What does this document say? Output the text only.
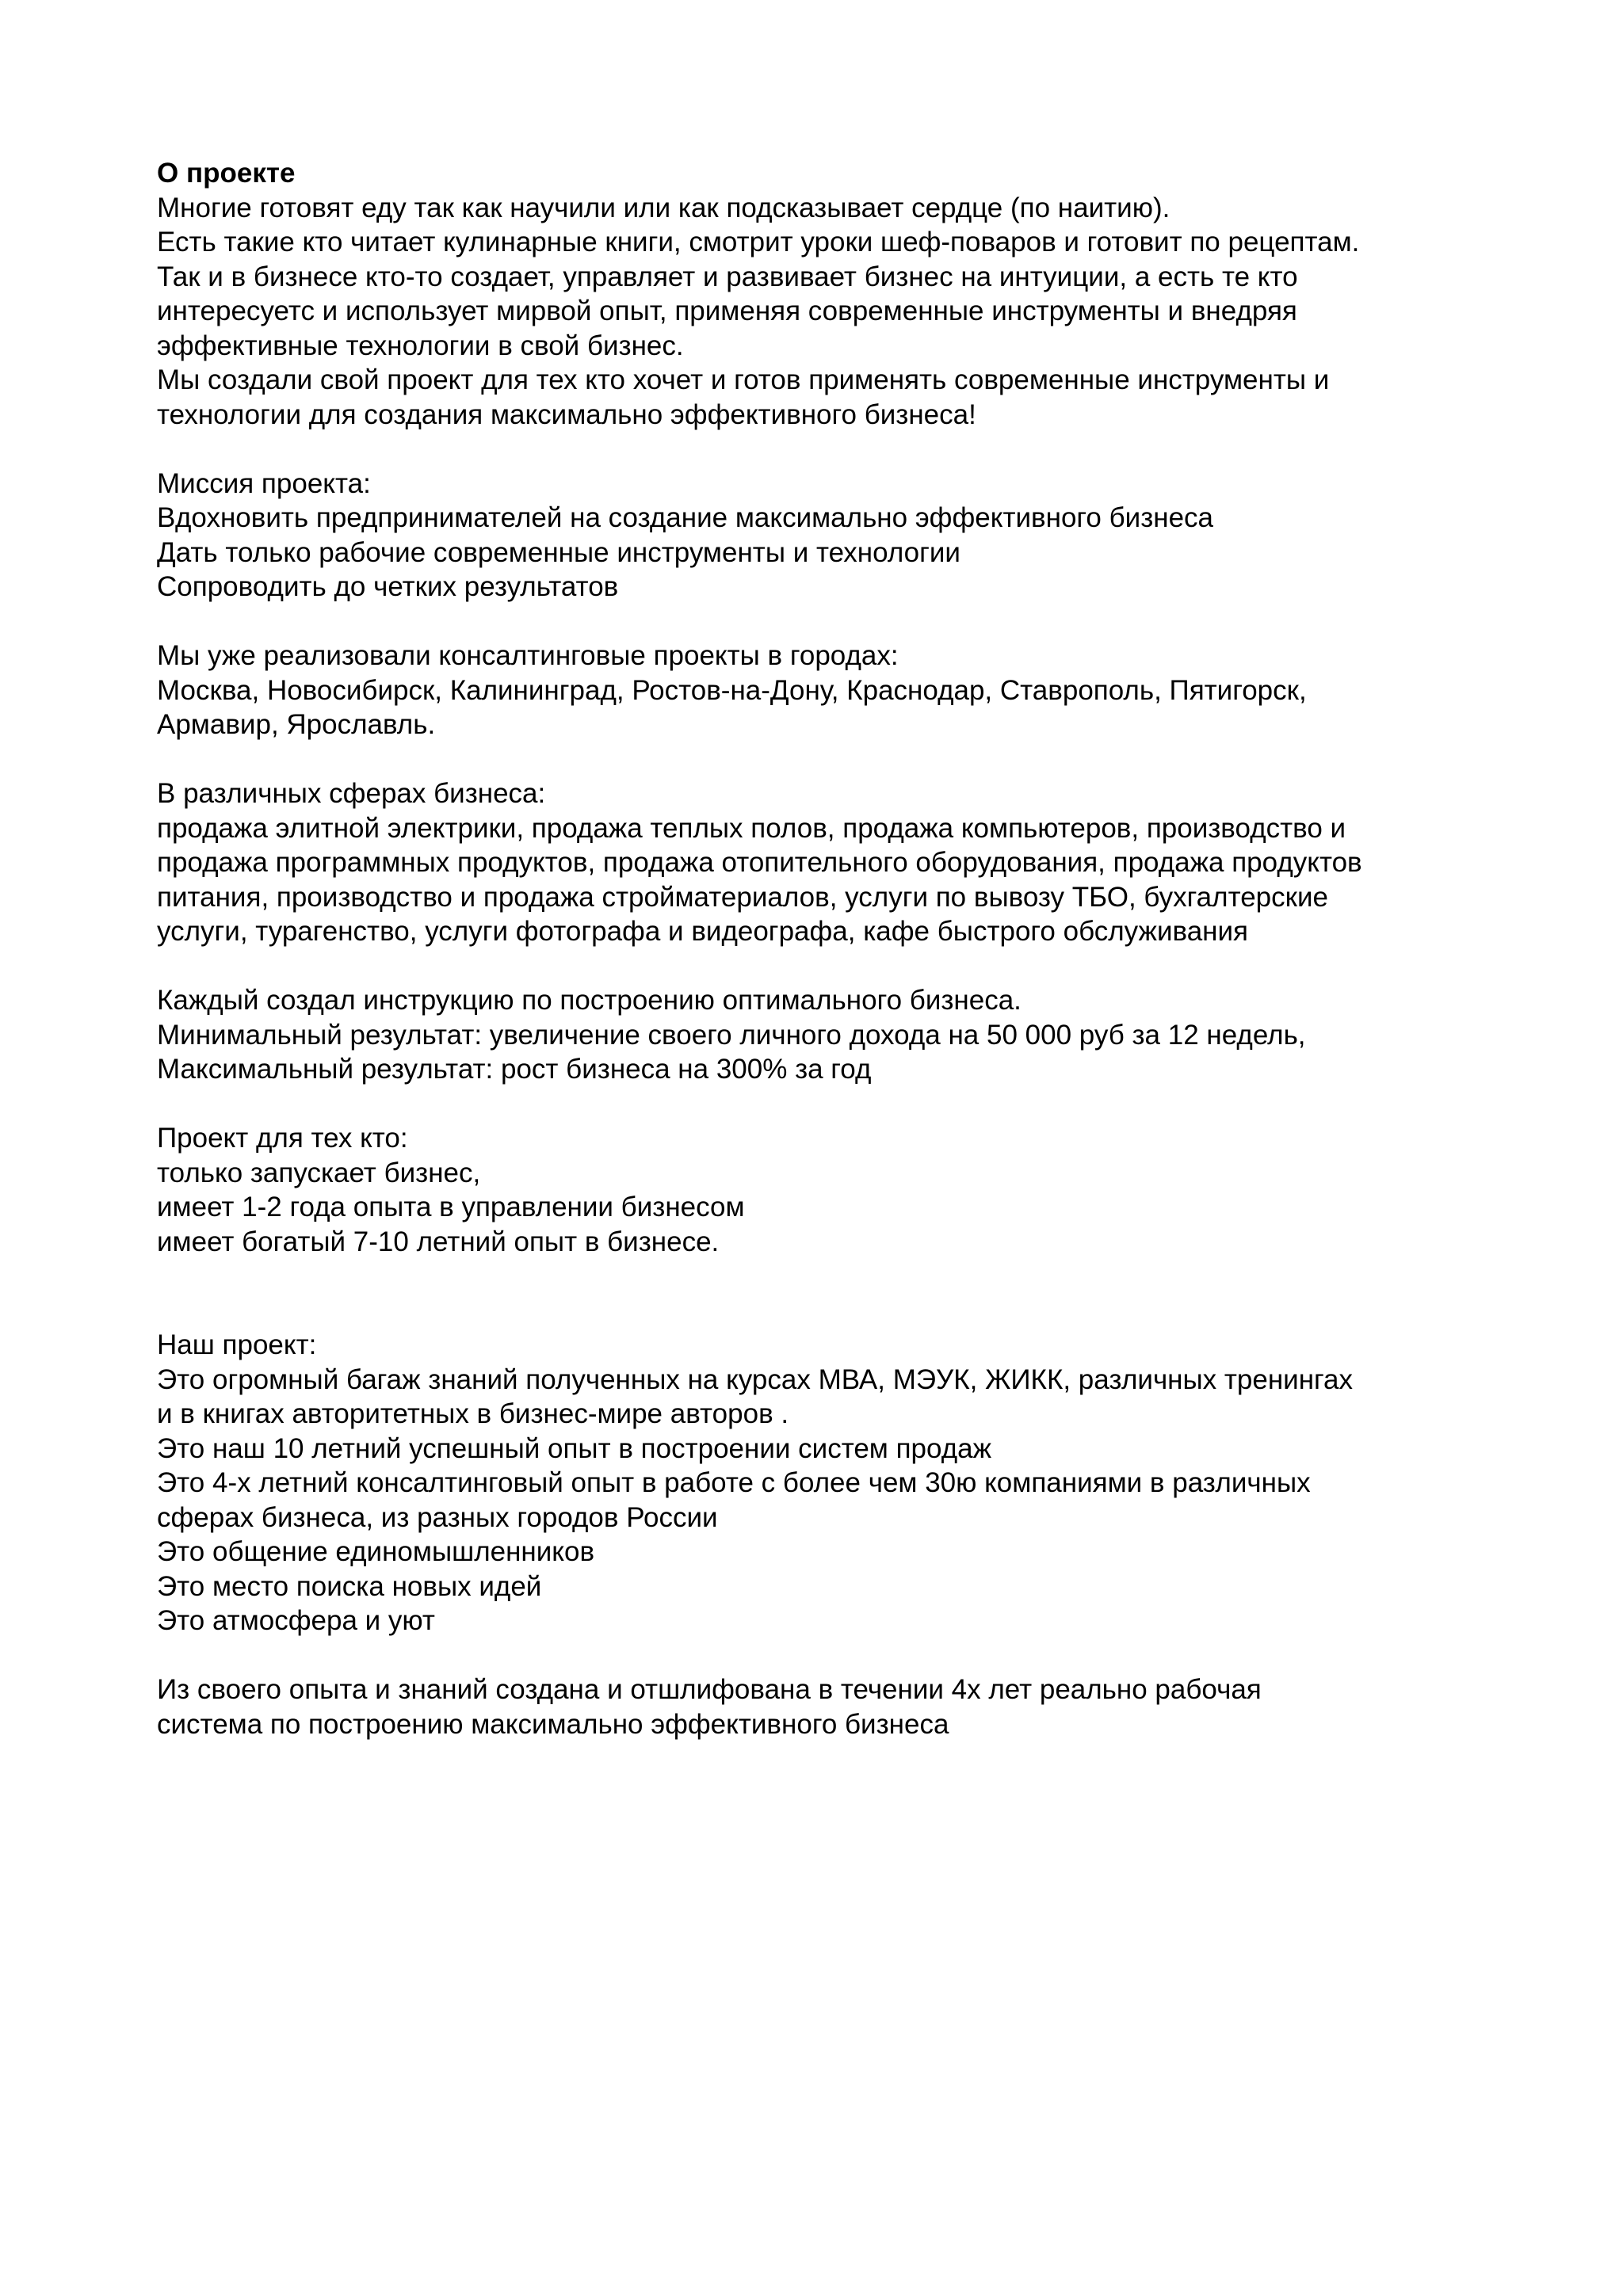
О проекте
Многие готовят еду так как научили или как подсказывает сердце (по наитию).
Есть такие кто читает кулинарные книги, смотрит уроки шеф-поваров и готовит по рецептам.
Так и в бизнесе кто-то создает, управляет и развивает бизнес на интуиции, а есть те кто
интересуетс и использует мирвой опыт, применяя современные инструменты и внедряя
эффективные технологии в свой бизнес.
Мы создали свой проект для тех кто хочет и готов применять современные инструменты и
технологии для создания максимально эффективного бизнеса!
Миссия проекта:
Вдохновить предпринимателей на создание максимально эффективного бизнеса
Дать только рабочие современные инструменты и технологии
Сопроводить до четких результатов
Мы уже реализовали консалтинговые проекты в городах:
Москва, Новосибирск, Калининград, Ростов-на-Дону, Краснодар, Ставрополь, Пятигорск,
Армавир, Ярославль.
В различных сферах бизнеса:
продажа элитной электрики, продажа теплых полов, продажа компьютеров, производство и
продажа программных продуктов, продажа отопительного оборудования, продажа продуктов
питания, производство и продажа стройматериалов, услуги по вывозу ТБО, бухгалтерские
услуги, турагенство, услуги фотографа и видеографа, кафе быстрого обслуживания
Каждый создал инструкцию по построению оптимального бизнеса.
Минимальный результат: увеличение своего личного дохода на 50 000 руб за 12 недель,
Максимальный результат: рост бизнеса на 300% за год
Проект для тех кто:
только запускает бизнес,
имеет 1-2 года опыта в управлении бизнесом
имеет богатый 7-10 летний опыт в бизнесе.
Наш проект:
Это огромный багаж знаний полученных на курсах МВА, МЭУК, ЖИКК, различных тренингах
и в книгах авторитетных в бизнес-мире авторов .
Это наш 10 летний успешный опыт в построении систем продаж
Это 4-х летний консалтинговый опыт в работе с более чем 30ю компаниями в различных
сферах бизнеса, из разных городов России
Это общение единомышленников
Это место поиска новых идей
Это атмосфера и уют
Из своего опыта и знаний создана и отшлифована в течении 4х лет реально рабочая
система по построению максимально эффективного бизнеса
